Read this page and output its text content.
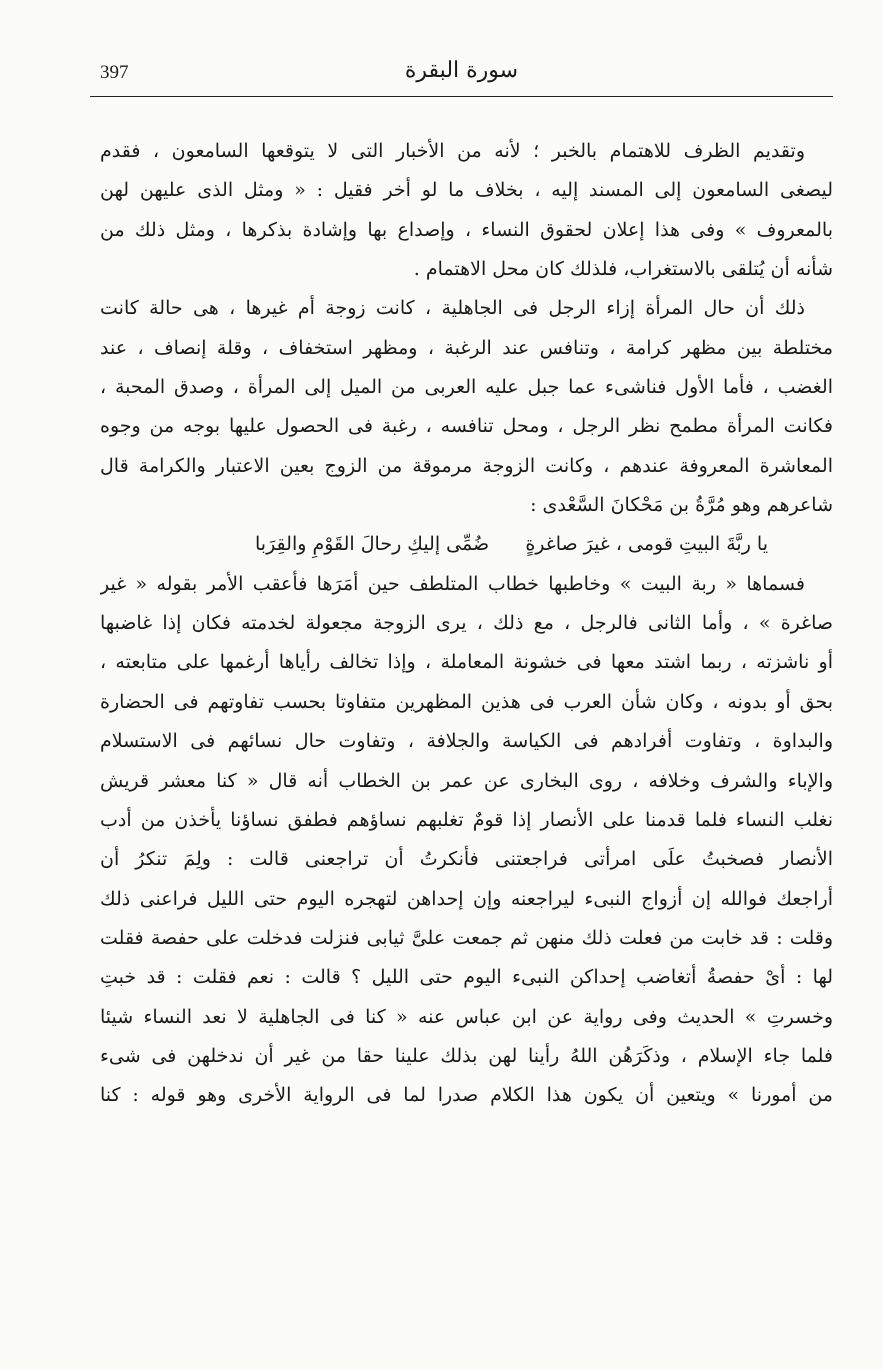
397	سورة البقرة
وتقديم الظرف للاهتمام بالخبر ؛ لأنه من الأخبار التى لا يتوقعها السامعون ، فقدم
ليصغى السامعون إلى المسند إليه ، بخلاف ما لو أخر فقيل : « ومثل الذى عليهن لهن
بالمعروف » وفى هذا إعلان لحقوق النساء ، وإصداع بها وإشادة بذكرها ، ومثل ذلك من
شأنه أن يُتلقى بالاستغراب، فلذلك كان محل الاهتمام .
ذلك أن حال المرأة إزاء الرجل فى الجاهلية ، كانت زوجة أم غيرها ، هى حالة كانت
مختلطة بين مظهر كرامة ، وتنافس عند الرغبة ، ومظهر استخفاف ، وقلة إنصاف ، عند
الغضب ، فأما الأول فناشىء عما جبل عليه العربى من الميل إلى المرأة ، وصدق المحبة ،
فكانت المرأة مطمح نظر الرجل ، ومحل تنافسه ، رغبة فى الحصول عليها بوجه من وجوه
المعاشرة المعروفة عندهم ، وكانت الزوجة مرموقة من الزوج بعين الاعتبار والكرامة قال
شاعرهم وهو مُرَّةُ بن مَحْكانَ السَّعْدى :
يا ربَّةَ البيتِ قومى ، غيرَ صاغرةٍ
ضُمِّى إليكِ رحالَ القَوْمِ والقِرَبا
فسماها « ربة البيت » وخاطبها خطاب المتلطف حين أمَرَها فأعقب الأمر بقوله « غير
صاغرة » ، وأما الثانى فالرجل ، مع ذلك ، يرى الزوجة مجعولة لخدمته فكان إذا غاضبها
أو ناشزته ، ربما اشتد معها فى خشونة المعاملة ، وإذا تخالف رأياها أرغمها على متابعته ،
بحق أو بدونه ، وكان شأن العرب فى هذين المظهرين متفاوتا بحسب تفاوتهم فى الحضارة
والبداوة ، وتفاوت أفرادهم فى الكياسة والجلافة ، وتفاوت حال نسائهم فى الاستسلام
والإباء والشرف وخلافه ، روى البخارى عن عمر بن الخطاب أنه قال « كنا معشر قريش
نغلب النساء فلما قدمنا على الأنصار إذا قومٌ تغلبهم نساؤهم فطفق نساؤنا يأخذن من أدب
الأنصار فصخبتُ علَى امرأتى فراجعتنى فأنكرتُ أن تراجعنى قالت : ولِمَ تنكرُ أن
أراجعك فوالله إن أزواج النبىء ليراجعنه وإن إحداهن لتهجره اليوم حتى الليل فراعنى ذلك
وقلت : قد خابت من فعلت ذلك منهن ثم جمعت علىَّ ثيابى فنزلت فدخلت على حفصة فقلت
لها : أىْ حفصةُ أتغاضب إحداكن النبىء اليوم حتى الليل ؟ قالت : نعم فقلت : قد خبتِ
وخسرتِ » الحديث وفى رواية عن ابن عباس عنه « كنا فى الجاهلية لا نعد النساء شيئا
فلما جاء الإسلام ، وذكَرَهُن اللهُ رأينا لهن بذلك علينا حقا من غير أن ندخلهن فى شىء
من أمورنا » ويتعين أن يكون هذا الكلام صدرا لما فى الرواية الأخرى وهو قوله : كنا
